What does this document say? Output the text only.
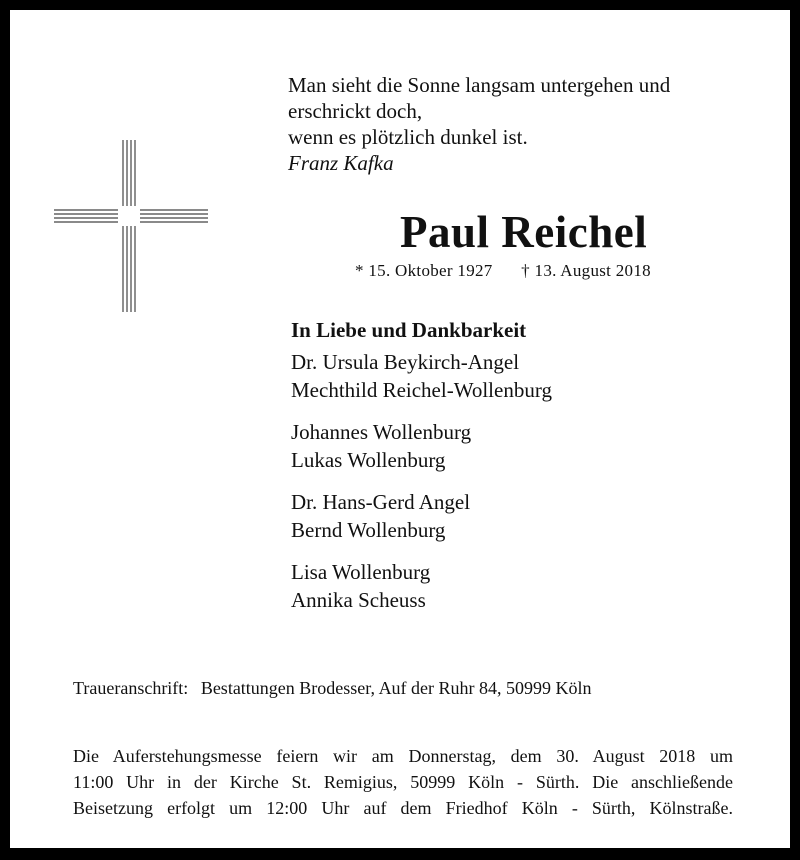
Man sieht die Sonne langsam untergehen und
erschrickt doch,
wenn es plötzlich dunkel ist.
Franz Kafka
Paul Reichel
* 15. Oktober 1927 † 13. August 2018
In Liebe und Dankbarkeit
Dr. Ursula Beykirch-Angel
Mechthild Reichel-Wollenburg
Johannes Wollenburg
Lukas Wollenburg
Dr. Hans-Gerd Angel
Bernd Wollenburg
Lisa Wollenburg
Annika Scheuss
Traueranschrift: Bestattungen Brodesser, Auf der Ruhr 84, 50999 Köln
Die Auferstehungsmesse feiern wir am Donnerstag, dem 30. August 2018 um
11:00 Uhr in der Kirche St. Remigius, 50999 Köln - Sürth. Die anschließende
Beisetzung erfolgt um 12:00 Uhr auf dem Friedhof Köln - Sürth, Kölnstraße.
